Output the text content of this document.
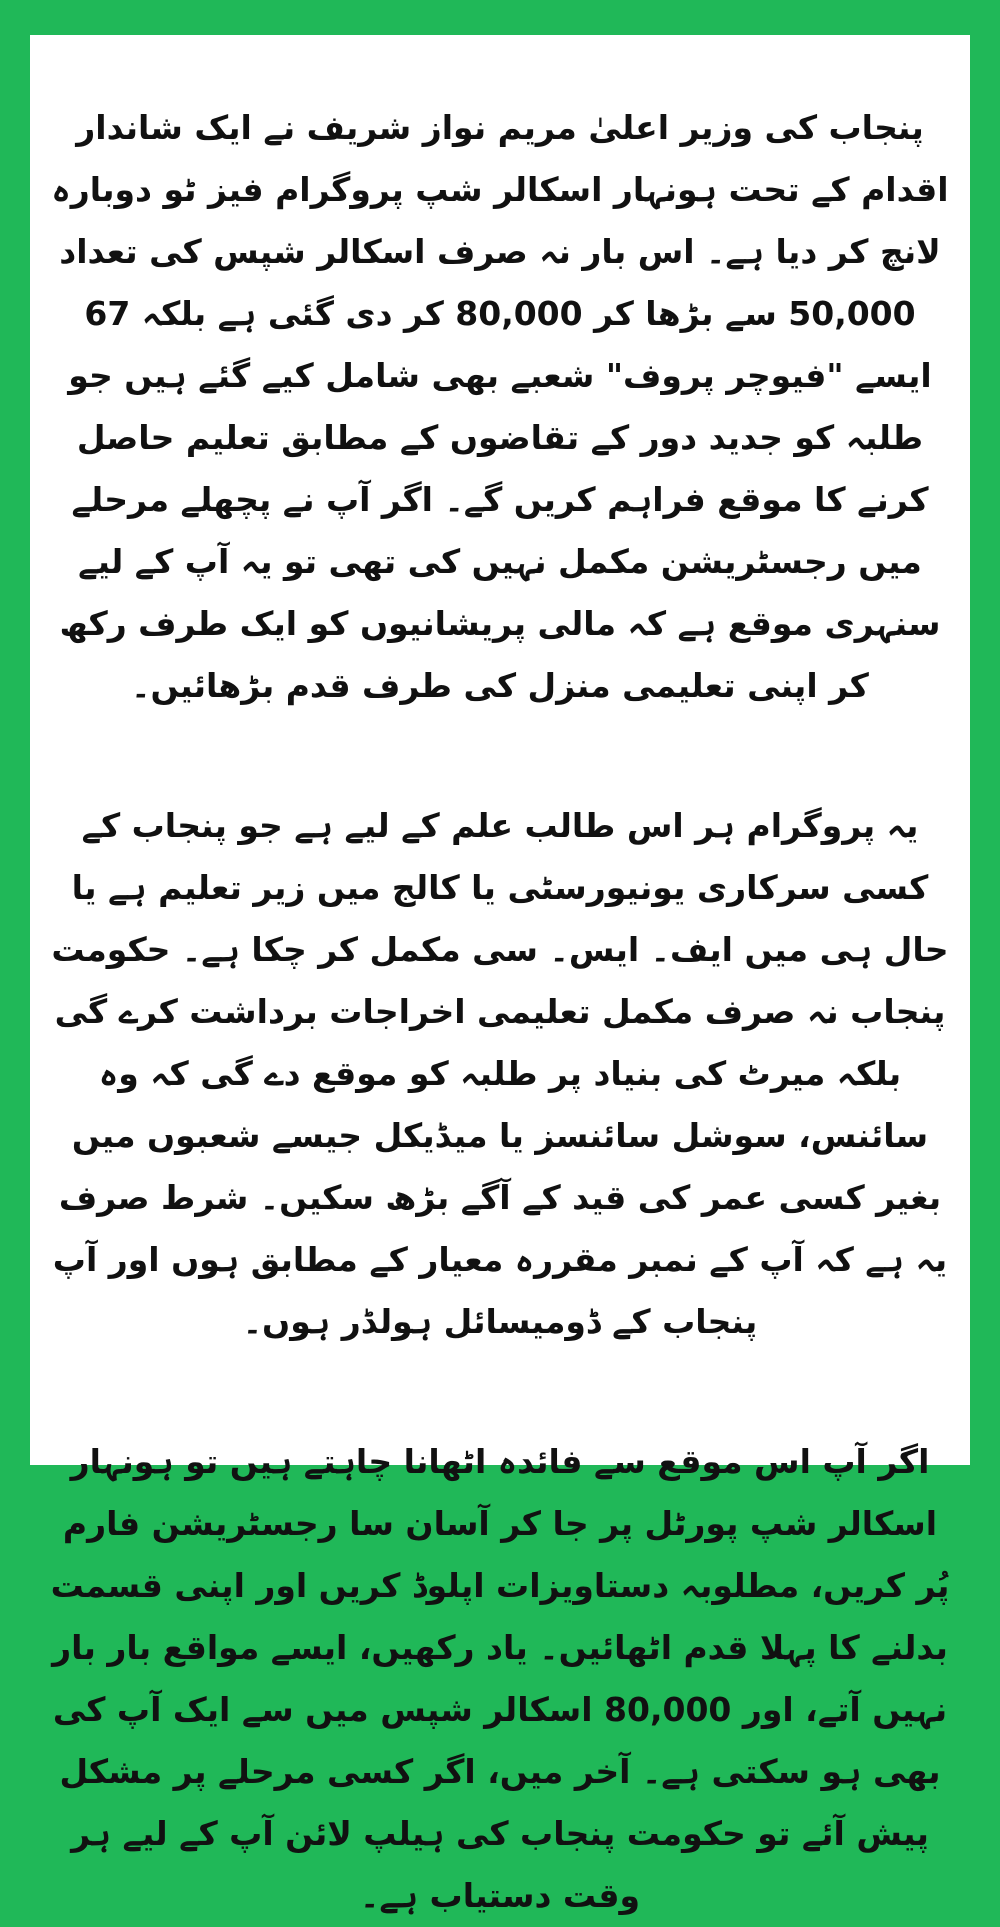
پنجاب کی وزیر اعلیٰ مریم نواز شریف نے ایک شاندار اقدام کے تحت ہونہار اسکالر شپ پروگرام فیز ٹو دوبارہ لانچ کر دیا ہے۔ اس بار نہ صرف اسکالر شپس کی تعداد 50,000 سے بڑھا کر 80,000 کر دی گئی ہے بلکہ 67 ایسے "فیوچر پروف" شعبے بھی شامل کیے گئے ہیں جو طلبہ کو جدید دور کے تقاضوں کے مطابق تعلیم حاصل کرنے کا موقع فراہم کریں گے۔ اگر آپ نے پچھلے مرحلے میں رجسٹریشن مکمل نہیں کی تھی تو یہ آپ کے لیے سنہری موقع ہے کہ مالی پریشانیوں کو ایک طرف رکھ کر اپنی تعلیمی منزل کی طرف قدم بڑھائیں۔

یہ پروگرام ہر اس طالب علم کے لیے ہے جو پنجاب کے کسی سرکاری یونیورسٹی یا کالج میں زیر تعلیم ہے یا حال ہی میں ایف۔ ایس۔ سی مکمل کر چکا ہے۔ حکومت پنجاب نہ صرف مکمل تعلیمی اخراجات برداشت کرے گی بلکہ میرٹ کی بنیاد پر طلبہ کو موقع دے گی کہ وہ سائنس، سوشل سائنسز یا میڈیکل جیسے شعبوں میں بغیر کسی عمر کی قید کے آگے بڑھ سکیں۔ شرط صرف یہ ہے کہ آپ کے نمبر مقررہ معیار کے مطابق ہوں اور آپ پنجاب کے ڈومیسائل ہولڈر ہوں۔

اگر آپ اس موقع سے فائدہ اٹھانا چاہتے ہیں تو ہونہار اسکالر شپ پورٹل پر جا کر آسان سا رجسٹریشن فارم پُر کریں، مطلوبہ دستاویزات اپلوڈ کریں اور اپنی قسمت بدلنے کا پہلا قدم اٹھائیں۔ یاد رکھیں، ایسے مواقع بار بار نہیں آتے، اور 80,000 اسکالر شپس میں سے ایک آپ کی بھی ہو سکتی ہے۔ آخر میں، اگر کسی مرحلے پر مشکل پیش آئے تو حکومت پنجاب کی ہیلپ لائن آپ کے لیے ہر وقت دستیاب ہے۔
